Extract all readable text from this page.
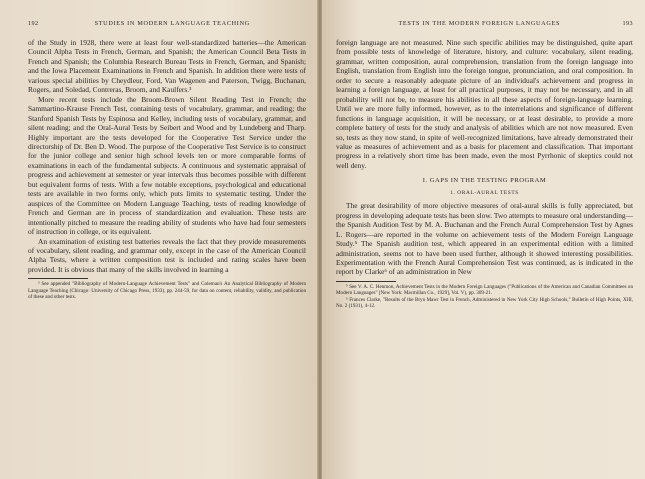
192	STUDIES IN MODERN LANGUAGE TEACHING

of the Study in 1928, there were at least four well-standardized batteries—the American Council Alpha Tests in French, German, and Spanish; the American Council Beta Tests in French and Spanish; the Columbia Research Bureau Tests in French, German, and Spanish; and the Iowa Placement Examinations in French and Spanish. In addition there were tests of various special abilities by Cheydleur, Ford, Van Wagenen and Paterson, Twigg, Buchanan, Rogers, and Soledad, Contreras, Broom, and Kaulfers.³

More recent tests include the Broom-Brown Silent Reading Test in French; the Sammartino-Krause French Test, containing tests of vocabulary, grammar, and reading; the Stanford Spanish Tests by Espinosa and Kelley, including tests of vocabulary, grammar, and silent reading; and the Oral-Aural Tests by Seibert and Wood and by Lundeberg and Tharp. Highly important are the tests developed for the Cooperative Test Service under the directorship of Dr. Ben D. Wood. The purpose of the Cooperative Test Service is to construct for the junior college and senior high school levels ten or more comparable forms of examinations in each of the fundamental subjects. A continuous and systematic appraisal of progress and achievement at semester or year intervals thus becomes possible with different but equivalent forms of tests. With a few notable exceptions, psychological and educational tests are available in two forms only, which puts limits to systematic testing. Under the auspices of the Committee on Modern Language Teaching, tests of reading knowledge of French and German are in process of standardization and evaluation. These tests are intentionally pitched to measure the reading ability of students who have had four semesters of instruction in college, or its equivalent.

An examination of existing test batteries reveals the fact that they provide measurements of vocabulary, silent reading, and grammar only, except in the case of the American Council Alpha Tests, where a written composition test is included and rating scales have been provided. It is obvious that many of the skills involved in learning a

³ See appended "Bibliography of Modern-Language Achievement Tests" and Coleman's An Analytical Bibliography of Modern Language Teaching (Chicago: University of Chicago Press, 1933), pp. 244-59, for data on content, reliability, validity, and publication of these and other tests.

TESTS IN THE MODERN FOREIGN LANGUAGES	193

foreign language are not measured. Nine such specific abilities may be distinguished, quite apart from possible tests of knowledge of literature, history, and culture: vocabulary, silent reading, grammar, written composition, aural comprehension, translation from the foreign language into English, translation from English into the foreign tongue, pronunciation, and oral composition. In order to secure a reasonably adequate picture of an individual's achievement and progress in learning a foreign language, at least for all practical purposes, it may not be necessary, and in all probability will not be, to measure his abilities in all these aspects of foreign-language learning. Until we are more fully informed, however, as to the interrelations and significance of different functions in language acquisition, it will be necessary, or at least desirable, to provide a more complete battery of tests for the study and analysis of abilities which are not now measured. Even so, tests as they now stand, in spite of well-recognized limitations, have already demonstrated their value as measures of achievement and as a basis for placement and classification. That important progress in a relatively short time has been made, even the most Pyrrhonic of skeptics could not well deny.

I. GAPS IN THE TESTING PROGRAM
1. ORAL-AURAL TESTS

The great desirability of more objective measures of oral-aural skills is fully appreciated, but progress in developing adequate tests has been slow. Two attempts to measure oral understanding—the Spanish Audition Test by M. A. Buchanan and the French Aural Comprehension Test by Agnes L. Rogers—are reported in the volume on achievement tests of the Modern Foreign Language Study.⁵ The Spanish audition test, which appeared in an experimental edition with a limited administration, seems not to have been used further, although it showed interesting possibilities. Experimentation with the French Aural Comprehension Test was continued, as is indicated in the report by Clarke⁶ of an administration in New

⁵ See V. A. C. Henmon, Achievement Tests in the Modern Foreign Languages ("Publications of the American and Canadian Committees on Modern Languages" [New York: Macmillan Co., 1929], Vol. V), pp. 309-21.

⁶ Frances Clarke, "Results of the Bryn Mawr Test in French, Administered in New York City High Schools," Bulletin of High Points, XIII, No. 2 (1931), 4-12.
